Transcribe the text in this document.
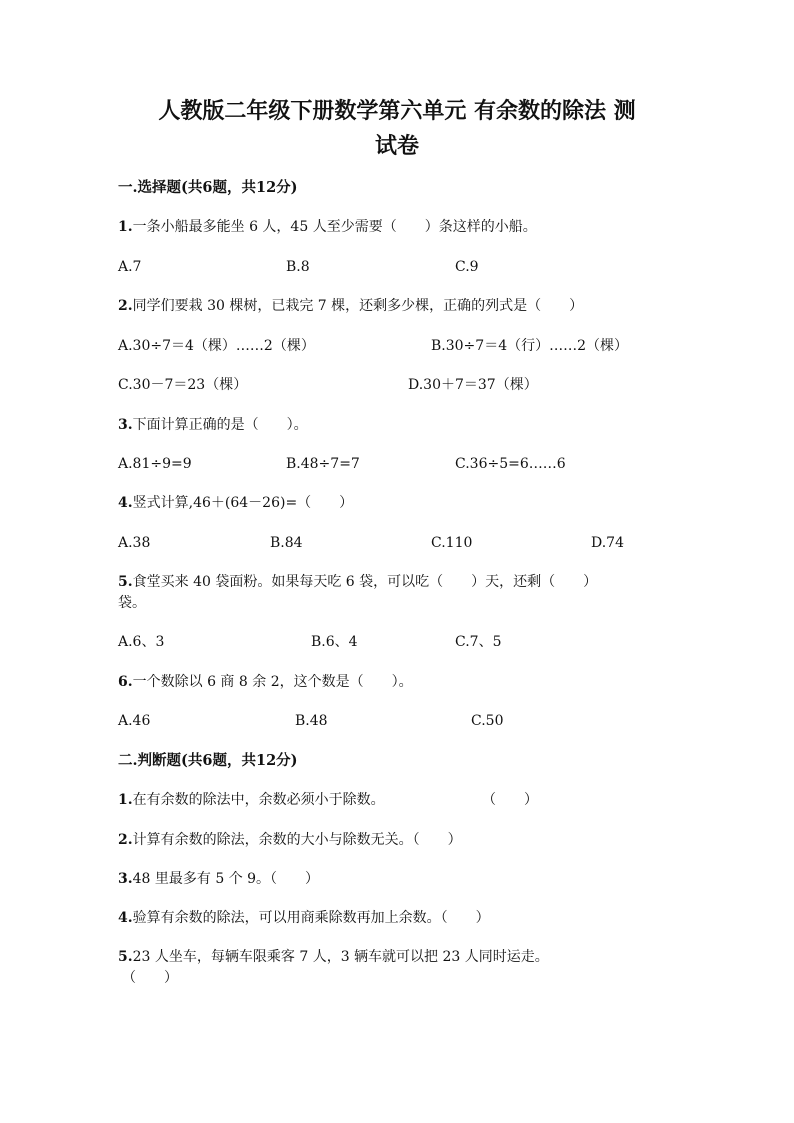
人教版二年级下册数学第六单元 有余数的除法 测
试卷
一.选择题(共6题，共12分)
1.一条小船最多能坐 6 人，45 人至少需要（　　）条这样的小船。
A.7	B.8	C.9
2.同学们要栽 30 棵树，已栽完 7 棵，还剩多少棵，正确的列式是（　　）
A.30÷7＝4（棵）……2（棵）	B.30÷7＝4（行）……2（棵）
C.30－7＝23（棵）	D.30＋7＝37（棵）
3.下面计算正确的是（　　）。
A.81÷9=9	B.48÷7=7	C.36÷5=6……6
4.竖式计算,46＋(64－26)=（　　）
A.38	B.84	C.110	D.74
5.食堂买来 40 袋面粉。如果每天吃 6 袋，可以吃（　　）天，还剩（　　）
袋。
A.6、3	B.6、4	C.7、5
6.一个数除以 6 商 8 余 2，这个数是（　　）。
A.46	B.48	C.50
二.判断题(共6题，共12分)
1.在有余数的除法中，余数必须小于除数。	（　　）
2.计算有余数的除法，余数的大小与除数无关。（　　）
3.48 里最多有 5 个 9。（　　）
4.验算有余数的除法，可以用商乘除数再加上余数。（　　）
5.23 人坐车，每辆车限乘客 7 人，3 辆车就可以把 23 人同时运走。
（　　）
